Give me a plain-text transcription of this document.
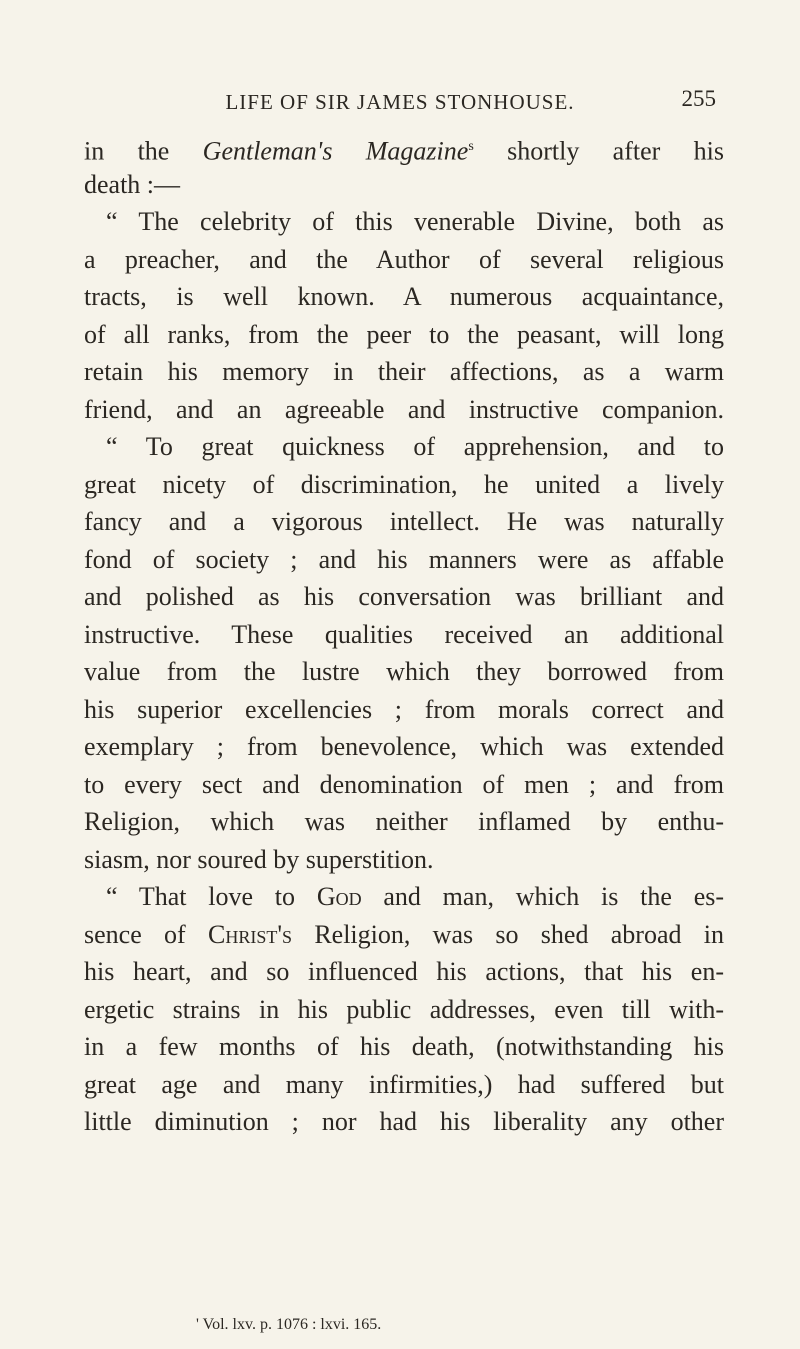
LIFE OF SIR JAMES STONHOUSE.	255
in the Gentleman's Magazine$^s$ shortly after his
death :—
“ The celebrity of this venerable Divine, both as
a preacher, and the Author of several religious
tracts, is well known. A numerous acquaintance,
of all ranks, from the peer to the peasant, will long
retain his memory in their affections, as a warm
friend, and an agreeable and instructive companion.
“ To great quickness of apprehension, and to
great nicety of discrimination, he united a lively
fancy and a vigorous intellect. He was naturally
fond of society ; and his manners were as affable
and polished as his conversation was brilliant and
instructive. These qualities received an additional
value from the lustre which they borrowed from
his superior excellencies ; from morals correct and
exemplary ; from benevolence, which was extended
to every sect and denomination of men ; and from
Religion, which was neither inflamed by enthu-
siasm, nor soured by superstition.
“ That love to God and man, which is the es-
sence of Christ's Religion, was so shed abroad in
his heart, and so influenced his actions, that his en-
ergetic strains in his public addresses, even till with-
in a few months of his death, (notwithstanding his
great age and many infirmities,) had suffered but
little diminution ; nor had his liberality any other
' Vol. lxv. p. 1076 : lxvi. 165.
